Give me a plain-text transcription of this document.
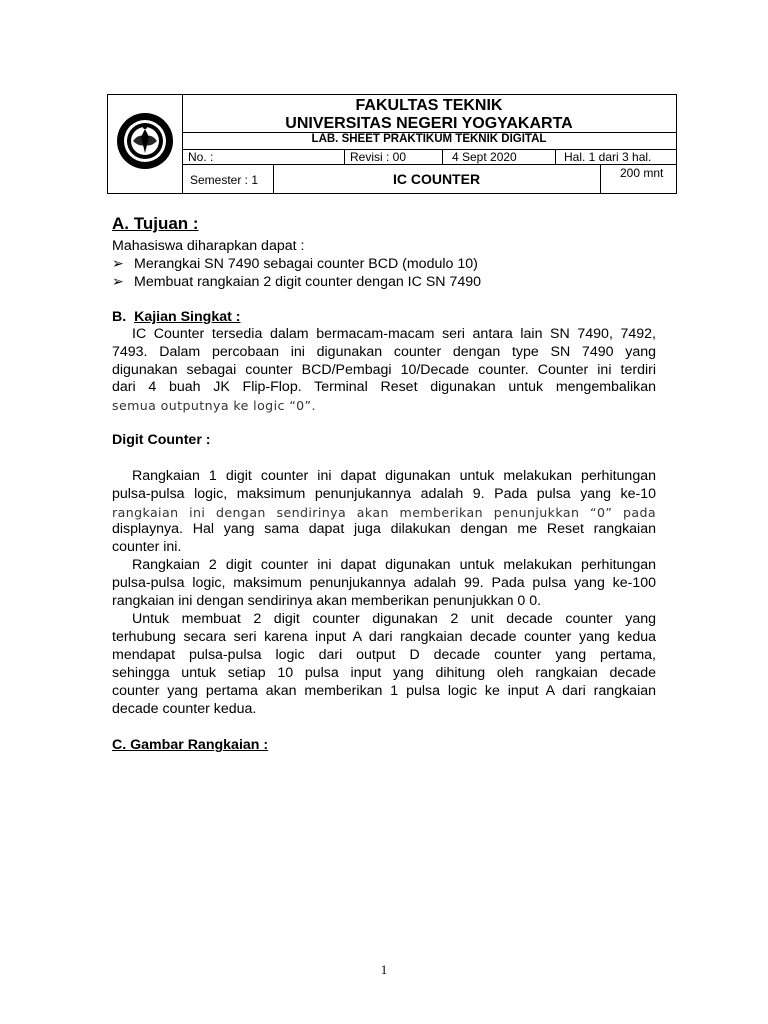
FAKULTAS TEKNIK
UNIVERSITAS NEGERI YOGYAKARTA
LAB. SHEET PRAKTIKUM TEKNIK DIGITAL
No. :	Revisi : 00	4 Sept 2020	Hal. 1 dari 3 hal.
Semester : 1	IC COUNTER	200 mnt
A. Tujuan :
Mahasiswa diharapkan dapat :
➢ Merangkai SN 7490 sebagai counter BCD (modulo 10)
➢ Membuat rangkaian 2 digit counter dengan IC SN 7490
B. Kajian Singkat :
IC Counter tersedia dalam bermacam-macam seri antara lain SN 7490, 7492,
7493. Dalam percobaan ini digunakan counter dengan type SN 7490 yang
digunakan sebagai counter BCD/Pembagi 10/Decade counter. Counter ini terdiri
dari 4 buah JK Flip-Flop. Terminal Reset digunakan untuk mengembalikan
semua outputnya ke logic “0”.
Digit Counter :
Rangkaian 1 digit counter ini dapat digunakan untuk melakukan perhitungan
pulsa-pulsa logic, maksimum penunjukannya adalah 9. Pada pulsa yang ke-10
rangkaian ini dengan sendirinya akan memberikan penunjukkan “0” pada
displaynya. Hal yang sama dapat juga dilakukan dengan me Reset rangkaian
counter ini.
Rangkaian 2 digit counter ini dapat digunakan untuk melakukan perhitungan
pulsa-pulsa logic, maksimum penunjukannya adalah 99. Pada pulsa yang ke-100
rangkaian ini dengan sendirinya akan memberikan penunjukkan 0 0.
Untuk membuat 2 digit counter digunakan 2 unit decade counter yang
terhubung secara seri karena input A dari rangkaian decade counter yang kedua
mendapat pulsa-pulsa logic dari output D decade counter yang pertama,
sehingga untuk setiap 10 pulsa input yang dihitung oleh rangkaian decade
counter yang pertama akan memberikan 1 pulsa logic ke input A dari rangkaian
decade counter kedua.
C. Gambar Rangkaian :
1
